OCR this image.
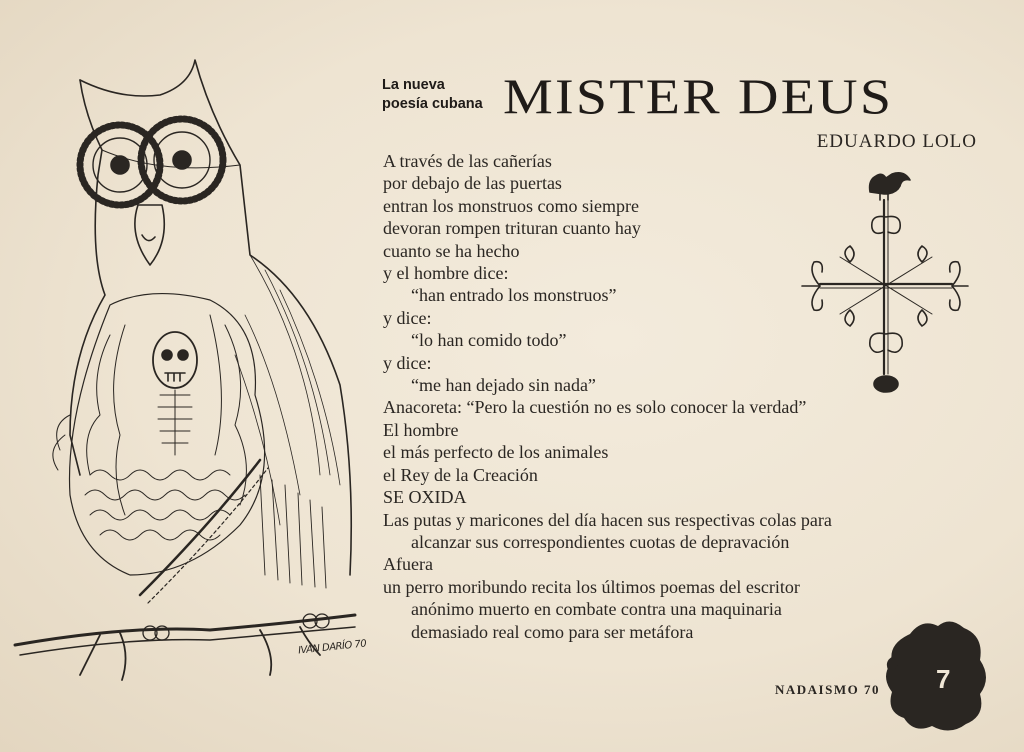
IVÁN DARÍO 70
La nueva
poesía cubana MISTER DEUS
EDUARDO LOLO
A través de las cañerías
por debajo de las puertas
entran los monstruos como siempre
devoran rompen trituran cuanto hay
cuanto se ha hecho
y el hombre dice:
“han entrado los monstruos”
y dice:
“lo han comido todo”
y dice:
“me han dejado sin nada”
Anacoreta: “Pero la cuestión no es solo conocer la verdad”
El hombre
el más perfecto de los animales
el Rey de la Creación
SE OXIDA
Las putas y maricones del día hacen sus respectivas colas para
alcanzar sus correspondientes cuotas de depravación
Afuera
un perro moribundo recita los últimos poemas del escritor
anónimo muerto en combate contra una maquinaria
demasiado real como para ser metáfora
NADAISMO 70 7
